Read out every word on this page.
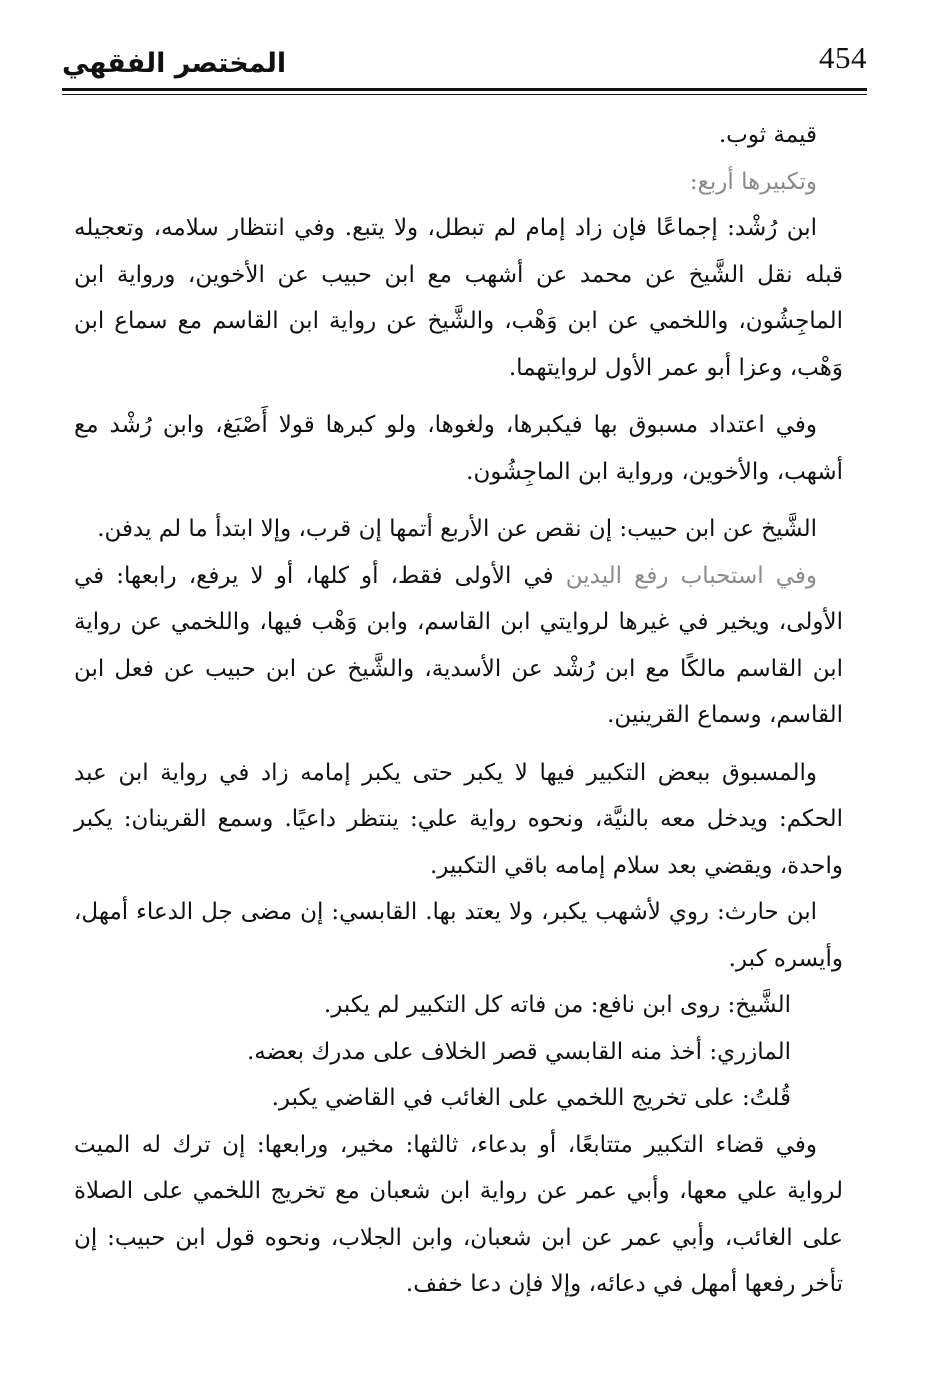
المختصر الفقهي	454

قيمة ثوب.

وتكبيرها أربع:

ابن رُشْد: إجماعًا فإن زاد إمام لم تبطل، ولا يتبع. وفي انتظار سلامه، وتعجيله قبله نقل الشَّيخ عن محمد عن أشهب مع ابن حبيب عن الأخوين، ورواية ابن الماجِشُون، واللخمي عن ابن وَهْب، والشَّيخ عن رواية ابن القاسم مع سماع ابن وَهْب، وعزا أبو عمر الأول لروايتهما.

وفي اعتداد مسبوق بها فيكبرها، ولغوها، ولو كبرها قولا أَصْبَغ، وابن رُشْد مع أشهب، والأخوين، ورواية ابن الماجِشُون.

الشَّيخ عن ابن حبيب: إن نقص عن الأربع أتمها إن قرب، وإلا ابتدأ ما لم يدفن.

وفي استحباب رفع اليدين في الأولى فقط، أو كلها، أو لا يرفع، رابعها: في الأولى، ويخير في غيرها لروايتي ابن القاسم، وابن وَهْب فيها، واللخمي عن رواية ابن القاسم مالكًا مع ابن رُشْد عن الأسدية، والشَّيخ عن ابن حبيب عن فعل ابن القاسم، وسماع القرينين.

والمسبوق ببعض التكبير فيها لا يكبر حتى يكبر إمامه زاد في رواية ابن عبد الحكم: ويدخل معه بالنيَّة، ونحوه رواية علي: ينتظر داعيًا. وسمع القرينان: يكبر واحدة، ويقضي بعد سلام إمامه باقي التكبير.

ابن حارث: روي لأشهب يكبر، ولا يعتد بها. القابسي: إن مضى جل الدعاء أمهل، وأيسره كبر.

الشَّيخ: روى ابن نافع: من فاته كل التكبير لم يكبر.

المازري: أخذ منه القابسي قصر الخلاف على مدرك بعضه.

قُلتُ: على تخريج اللخمي على الغائب في القاضي يكبر.

وفي قضاء التكبير متتابعًا، أو بدعاء، ثالثها: مخير، ورابعها: إن ترك له الميت لرواية علي معها، وأبي عمر عن رواية ابن شعبان مع تخريج اللخمي على الصلاة على الغائب، وأبي عمر عن ابن شعبان، وابن الجلاب، ونحوه قول ابن حبيب: إن تأخر رفعها أمهل في دعائه، وإلا فإن دعا خفف.
